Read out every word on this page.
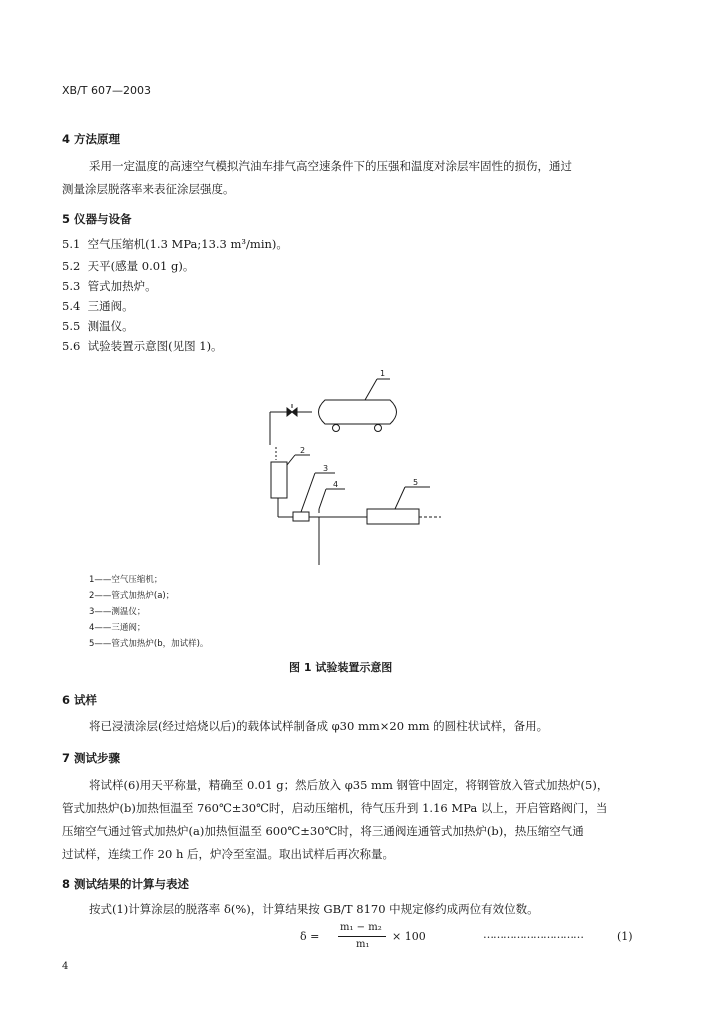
XB/T 607—2003
4 方法原理
采用一定温度的高速空气模拟汽油车排气高空速条件下的压强和温度对涂层牢固性的损伤，通过
测量涂层脱落率来表征涂层强度。
5 仪器与设备
5.1 空气压缩机(1.3 MPa;13.3 m³/min)。
5.2 天平(感量 0.01 g)。
5.3 管式加热炉。
5.4 三通阀。
5.5 测温仪。
5.6 试验装置示意图(见图 1)。
1
2
3
4	5
1——空气压缩机；
2——管式加热炉(a)；
3——测温仪；
4——三通阀；
5——管式加热炉(b，加试样)。
图 1 试验装置示意图
6 试样
将已浸渍涂层(经过焙烧以后)的载体试样制备成 φ30 mm×20 mm 的圆柱状试样，备用。
7 测试步骤
将试样(6)用天平称量，精确至 0.01 g；然后放入 φ35 mm 钢管中固定，将钢管放入管式加热炉(5)，
管式加热炉(b)加热恒温至 760℃±30℃时，启动压缩机，待气压升到 1.16 MPa 以上，开启管路阀门，当
压缩空气通过管式加热炉(a)加热恒温至 600℃±30℃时，将三通阀连通管式加热炉(b)，热压缩空气通
过试样，连续工作 20 h 后，炉冷至室温。取出试样后再次称量。
8 测试结果的计算与表述
按式(1)计算涂层的脱落率 δ(%)，计算结果按 GB/T 8170 中规定修约成两位有效位数。
δ =
m₁ − m₂
m₁
× 100	…………………………	(1)
4
